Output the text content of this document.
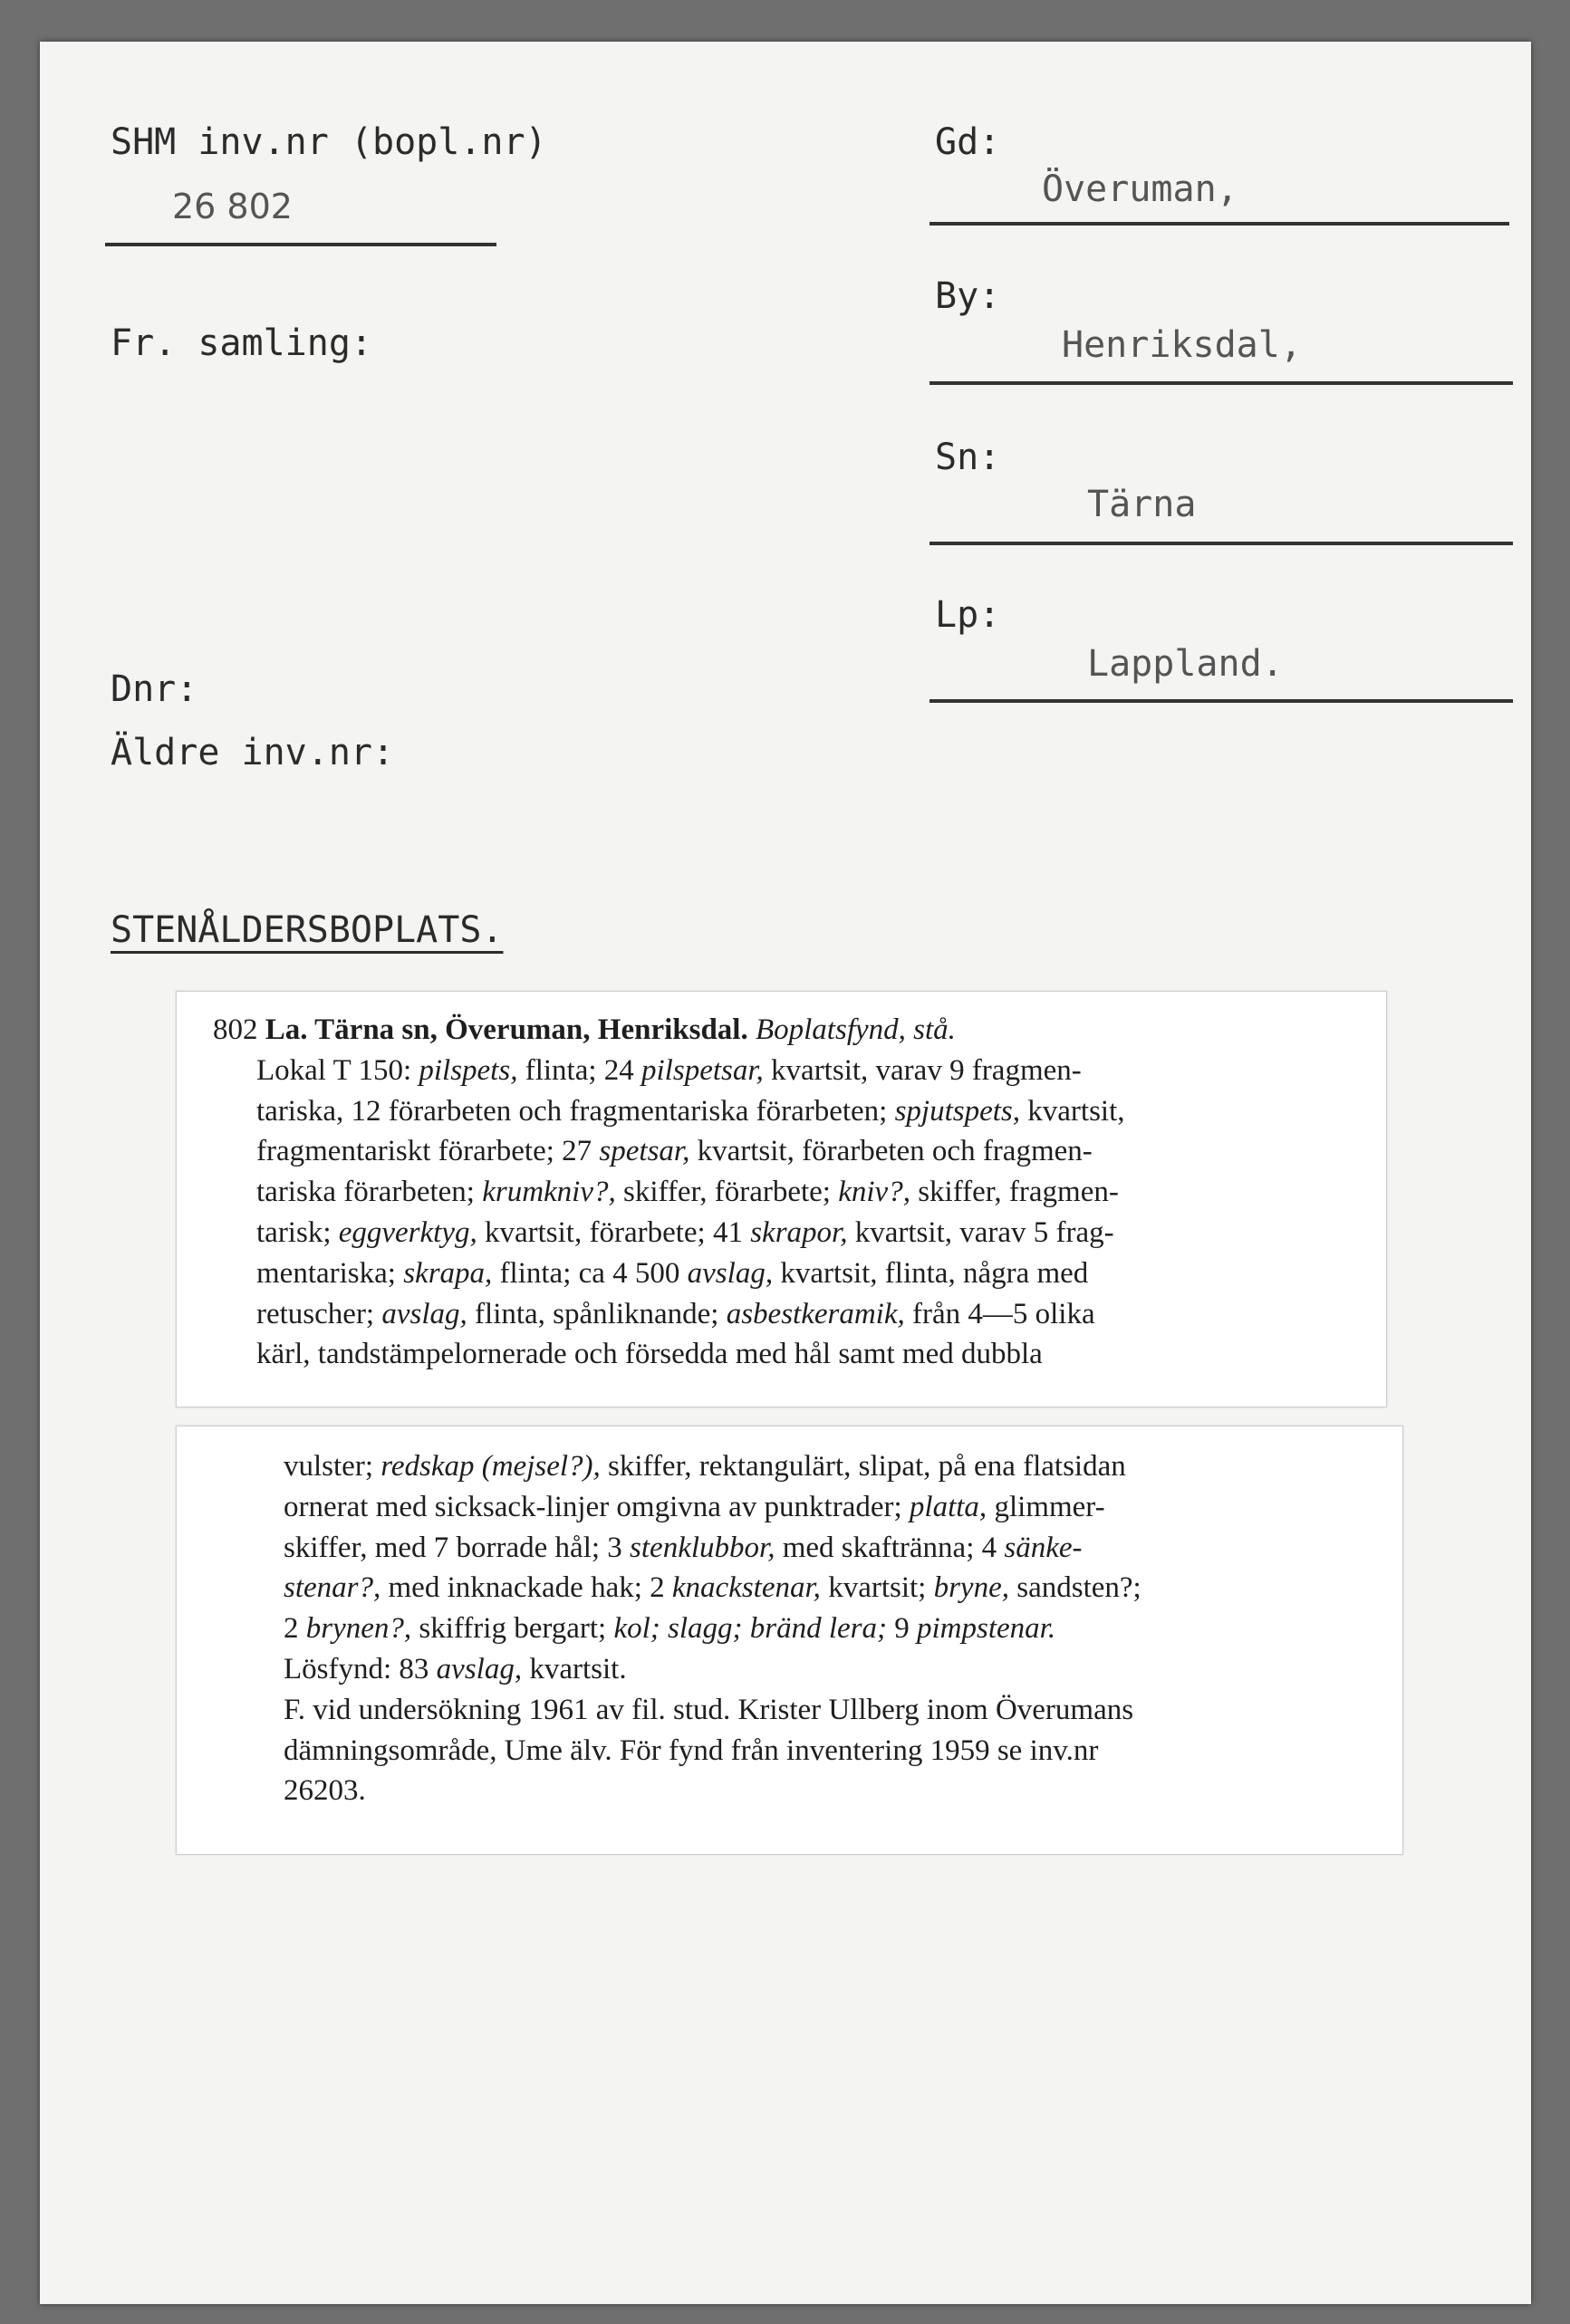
SHM inv.nr (bopl.nr)

26 802

Fr. samling:

Dnr:

Äldre inv.nr:

STENÅLDERSBOPLATS.

Gd:

Överuman,

By:

Henriksdal,

Sn:

Tärna

Lp:

Lappland.

802 La. Tärna sn, Överuman, Henriksdal. Boplatsfynd, stå.

Lokal T 150: pilspets, flinta; 24 pilspetsar, kvartsit, varav 9 fragmen-

tariska, 12 förarbeten och fragmentariska förarbeten; spjutspets, kvartsit,

fragmentariskt förarbete; 27 spetsar, kvartsit, förarbeten och fragmen-

tariska förarbeten; krumkniv?, skiffer, förarbete; kniv?, skiffer, fragmen-

tarisk; eggverktyg, kvartsit, förarbete; 41 skrapor, kvartsit, varav 5 frag-

mentariska; skrapa, flinta; ca 4 500 avslag, kvartsit, flinta, några med

retuscher; avslag, flinta, spånliknande; asbestkeramik, från 4—5 olika

kärl, tandstämpelornerade och försedda med hål samt med dubbla

vulster; redskap (mejsel?), skiffer, rektangulärt, slipat, på ena flatsidan

ornerat med sicksack-linjer omgivna av punktrader; platta, glimmer-

skiffer, med 7 borrade hål; 3 stenklubbor, med skaftränna; 4 sänke-

stenar?, med inknackade hak; 2 knackstenar, kvartsit; bryne, sandsten?;

2 brynen?, skiffrig bergart; kol; slagg; bränd lera; 9 pimpstenar.

Lösfynd: 83 avslag, kvartsit.

F. vid undersökning 1961 av fil. stud. Krister Ullberg inom Överumans

dämningsområde, Ume älv. För fynd från inventering 1959 se inv.nr

26203.
